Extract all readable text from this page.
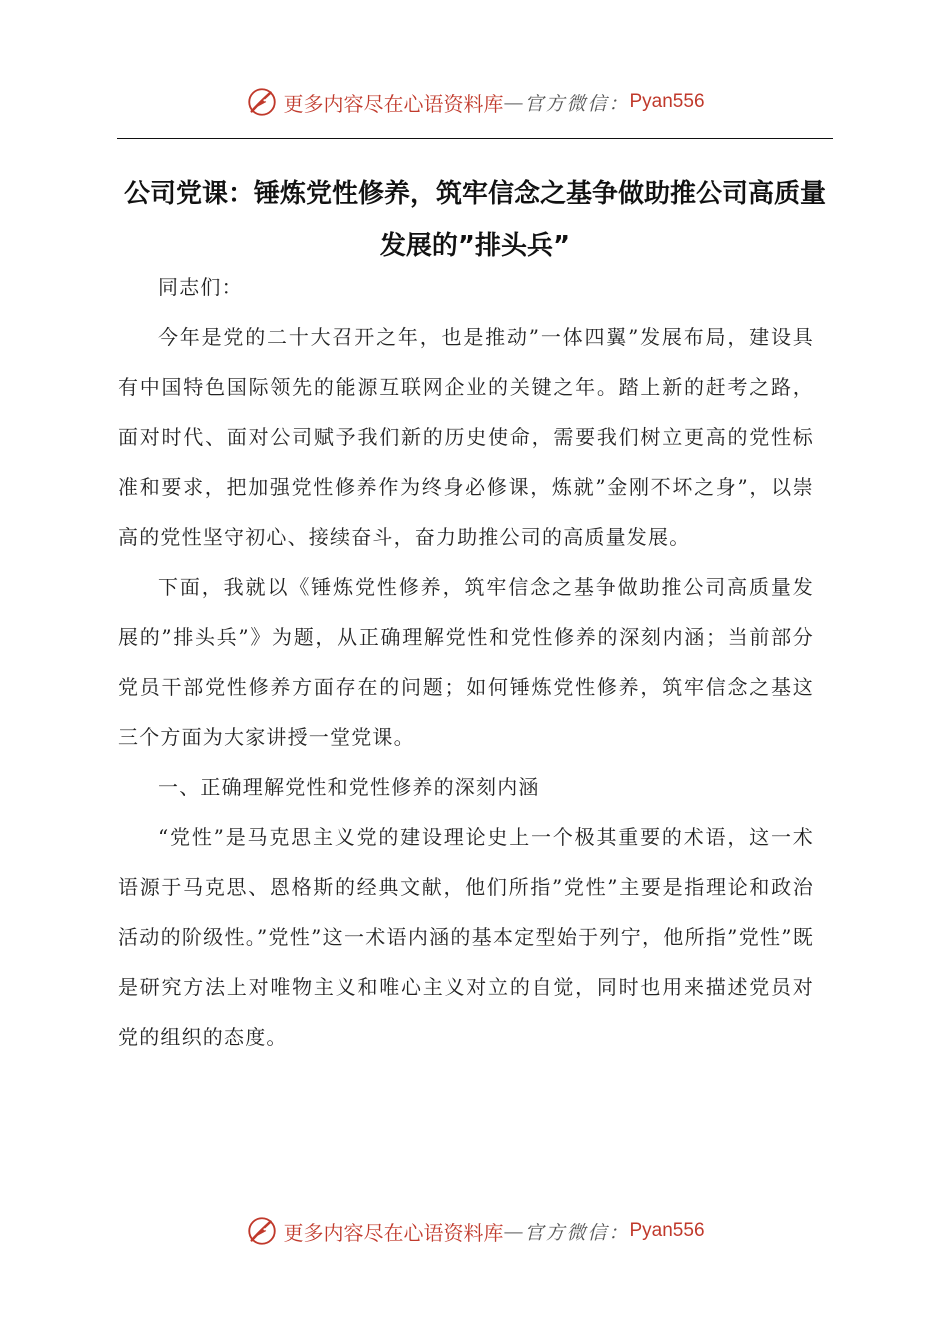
更多内容尽在心语资料库 — 官方微信： Pyan556
公司党课：锤炼党性修养，筑牢信念之基争做助推公司高质量发展的”排头兵”

同志们：

今年是党的二十大召开之年，也是推动”一体四翼”发展布局，建设具有中国特色国际领先的能源互联网企业的关键之年。踏上新的赶考之路，面对时代、面对公司赋予我们新的历史使命，需要我们树立更高的党性标准和要求，把加强党性修养作为终身必修课，炼就”金刚不坏之身”，以崇高的党性坚守初心、接续奋斗，奋力助推公司的高质量发展。

下面，我就以《锤炼党性修养，筑牢信念之基争做助推公司高质量发展的”排头兵”》为题，从正确理解党性和党性修养的深刻内涵；当前部分党员干部党性修养方面存在的问题；如何锤炼党性修养，筑牢信念之基这三个方面为大家讲授一堂党课。

一、正确理解党性和党性修养的深刻内涵

“党性”是马克思主义党的建设理论史上一个极其重要的术语，这一术语源于马克思、恩格斯的经典文献，他们所指”党性”主要是指理论和政治活动的阶级性。”党性”这一术语内涵的基本定型始于列宁，他所指”党性”既是研究方法上对唯物主义和唯心主义对立的自觉，同时也用来描述党员对党的组织的态度。

更多内容尽在心语资料库 — 官方微信： Pyan556
